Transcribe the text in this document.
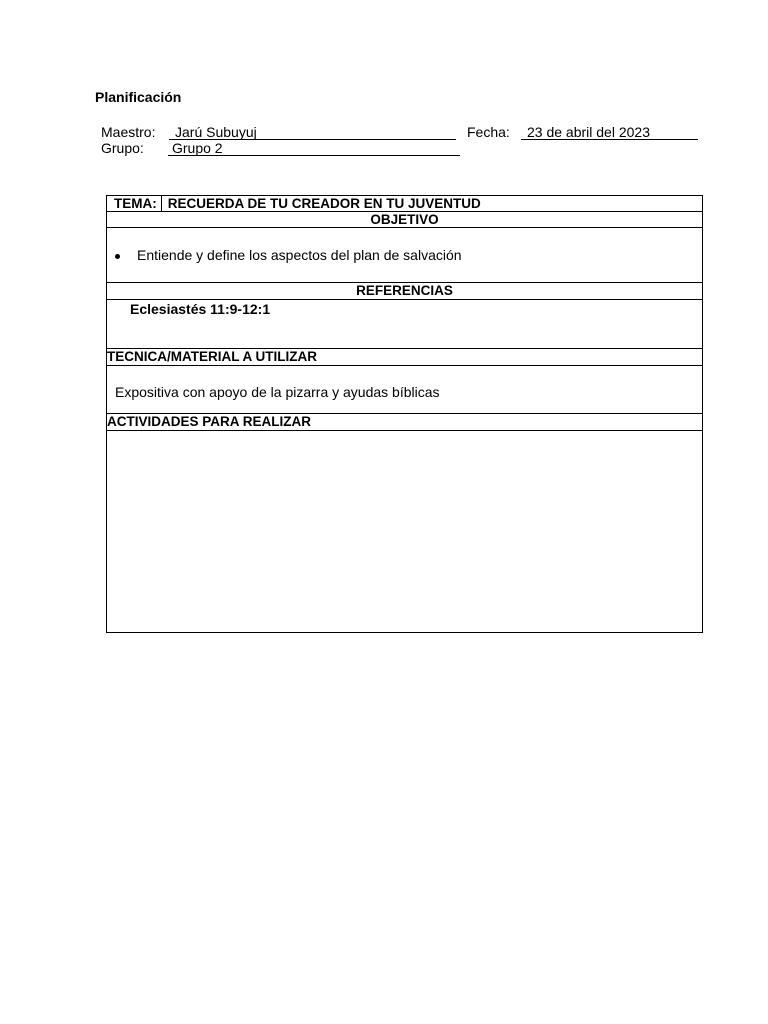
Planificación
Maestro:	Jarú Subuyuj	Fecha:	23 de abril del 2023
Grupo: Grupo 2
TEMA: RECUERDA DE TU CREADOR EN TU JUVENTUD
OBJETIVO
Entiende y define los aspectos del plan de salvación
REFERENCIAS
Eclesiastés 11:9-12:1
TECNICA/MATERIAL A UTILIZAR
Expositiva con apoyo de la pizarra y ayudas bíblicas
ACTIVIDADES PARA REALIZAR
